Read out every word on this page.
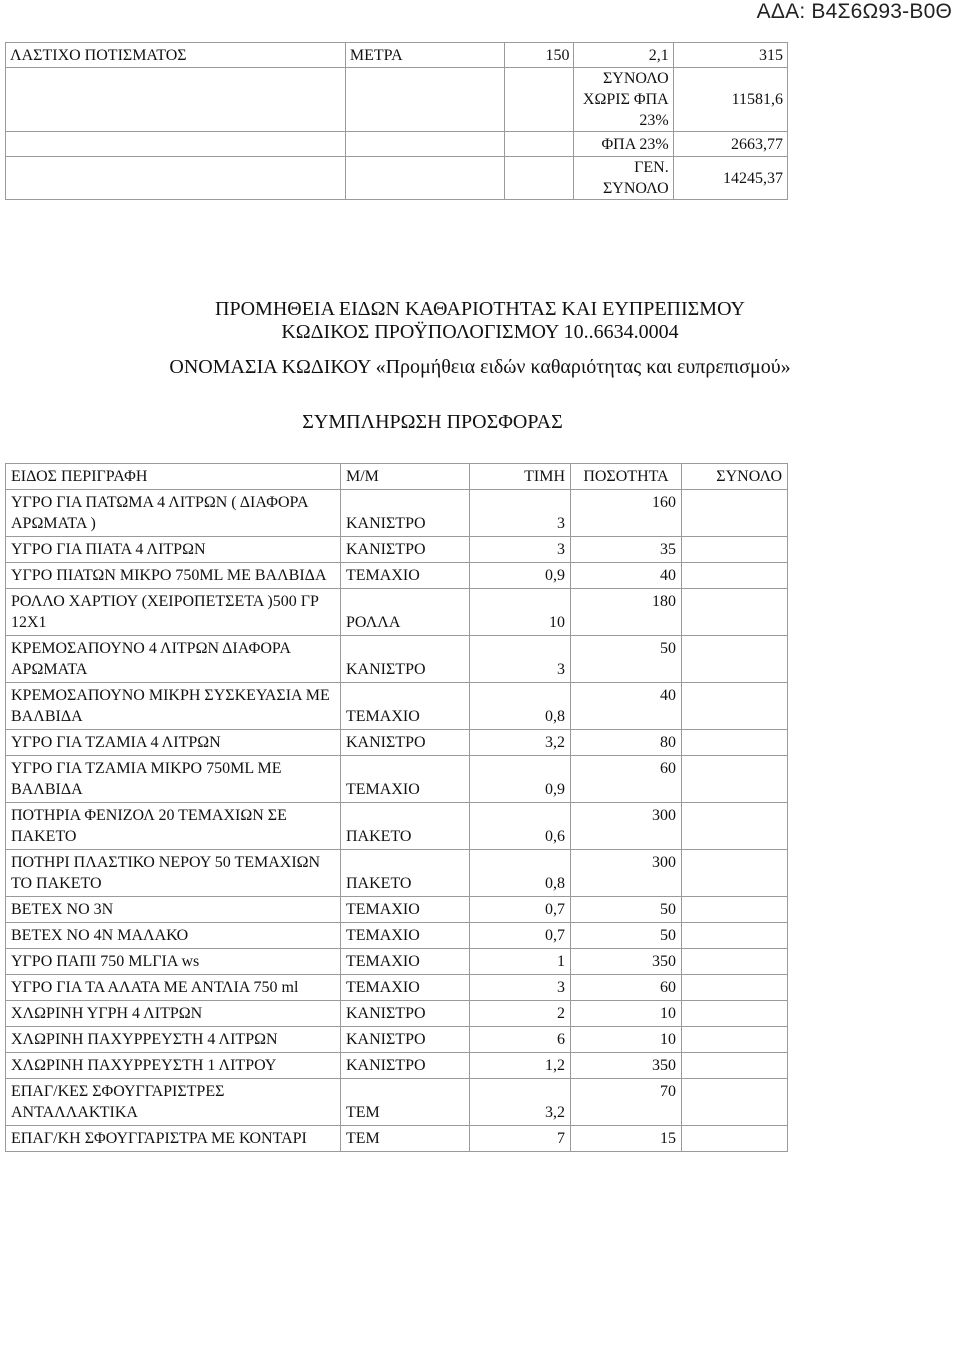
ΑΔΑ: Β4Σ6Ω93-Β0Θ
ΛΑΣΤΙΧΟ ΠΟΤΙΣΜΑΤΟΣ	ΜΕΤΡΑ	150	2,1	315
			ΣΥΝΟΛΟ ΧΩΡΙΣ ΦΠΑ 23%	11581,6
			ΦΠΑ 23%	2663,77
			ΓΕΝ. ΣΥΝΟΛΟ	14245,37
ΠΡΟΜΗΘΕΙΑ ΕΙΔΩΝ ΚΑΘΑΡΙΟΤΗΤΑΣ ΚΑΙ ΕΥΠΡΕΠΙΣΜΟΥ
ΚΩΔΙΚΟΣ ΠΡΟΫΠΟΛΟΓΙΣΜΟΥ 10..6634.0004
ΟΝΟΜΑΣΙΑ ΚΩΔΙΚΟΥ «Προμήθεια ειδών καθαριότητας και ευπρεπισμού»
ΣΥΜΠΛΗΡΩΣΗ ΠΡΟΣΦΟΡΑΣ
ΕΙΔΟΣ ΠΕΡΙΓΡΑΦΗ	Μ/Μ	ΤΙΜΗ	ΠΟΣΟΤΗΤΑ	ΣΥΝΟΛΟ
ΥΓΡΟ ΓΙΑ ΠΑΤΩΜΑ 4 ΛΙΤΡΩΝ ( ΔΙΑΦΟΡΑ ΑΡΩΜΑΤΑ )	ΚΑΝΙΣΤΡΟ	3	160	
ΥΓΡΟ ΓΙΑ ΠΙΑΤΑ 4 ΛΙΤΡΩΝ	ΚΑΝΙΣΤΡΟ	3	35	
ΥΓΡΟ ΠΙΑΤΩΝ ΜΙΚΡΟ 750ML ΜΕ ΒΑΛΒΙΔΑ	ΤΕΜΑΧΙΟ	0,9	40	
ΡΟΛΛΟ ΧΑΡΤΙΟΥ (ΧΕΙΡΟΠΕΤΣΕΤΑ )500 ΓΡ 12Χ1	ΡΟΛΛΑ	10	180	
ΚΡΕΜΟΣΑΠΟΥΝΟ 4 ΛΙΤΡΩΝ ΔΙΑΦΟΡΑ ΑΡΩΜΑΤΑ	ΚΑΝΙΣΤΡΟ	3	50	
ΚΡΕΜΟΣΑΠΟΥΝΟ ΜΙΚΡΗ ΣΥΣΚΕΥΑΣΙΑ ΜΕ ΒΑΛΒΙΔΑ	ΤΕΜΑΧΙΟ	0,8	40	
ΥΓΡΟ ΓΙΑ ΤΖΑΜΙΑ 4 ΛΙΤΡΩΝ	ΚΑΝΙΣΤΡΟ	3,2	80	
ΥΓΡΟ ΓΙΑ ΤΖΑΜΙΑ ΜΙΚΡΟ 750ML ΜΕ ΒΑΛΒΙΔΑ	ΤΕΜΑΧΙΟ	0,9	60	
ΠΟΤΗΡΙΑ ΦΕΝΙΖΟΛ 20 ΤΕΜΑΧΙΩΝ ΣΕ ΠΑΚΕΤΟ	ΠΑΚΕΤΟ	0,6	300	
ΠΟΤΗΡΙ ΠΛΑΣΤΙΚΟ ΝΕΡΟΥ 50 ΤΕΜΑΧΙΩΝ ΤΟ ΠΑΚΕΤΟ	ΠΑΚΕΤΟ	0,8	300	
ΒΕΤΕΧ ΝΟ 3Ν	ΤΕΜΑΧΙΟ	0,7	50	
ΒΕΤΕΧ ΝΟ 4Ν ΜΑΛΑΚΟ	ΤΕΜΑΧΙΟ	0,7	50	
ΥΓΡΟ ΠΑΠΙ 750 MLΓΙΑ ws	ΤΕΜΑΧΙΟ	1	350	
ΥΓΡΟ ΓΙΑ ΤΑ ΑΛΑΤΑ ΜΕ ΑΝΤΛΙΑ 750 ml	ΤΕΜΑΧΙΟ	3	60	
ΧΛΩΡΙΝΗ ΥΓΡΗ 4 ΛΙΤΡΩΝ	ΚΑΝΙΣΤΡΟ	2	10	
ΧΛΩΡΙΝΗ ΠΑΧΥΡΡΕΥΣΤΗ 4 ΛΙΤΡΩΝ	ΚΑΝΙΣΤΡΟ	6	10	
ΧΛΩΡΙΝΗ ΠΑΧΥΡΡΕΥΣΤΗ 1 ΛΙΤΡΟΥ	ΚΑΝΙΣΤΡΟ	1,2	350	
ΕΠΑΓ/ΚΕΣ ΣΦΟΥΓΓΑΡΙΣΤΡΕΣ ΑΝΤΑΛΛΑΚΤΙΚΑ	ΤΕΜ	3,2	70	
ΕΠΑΓ/ΚΗ ΣΦΟΥΓΓΑΡΙΣΤΡΑ ΜΕ ΚΟΝΤΑΡΙ	ΤΕΜ	7	15	
